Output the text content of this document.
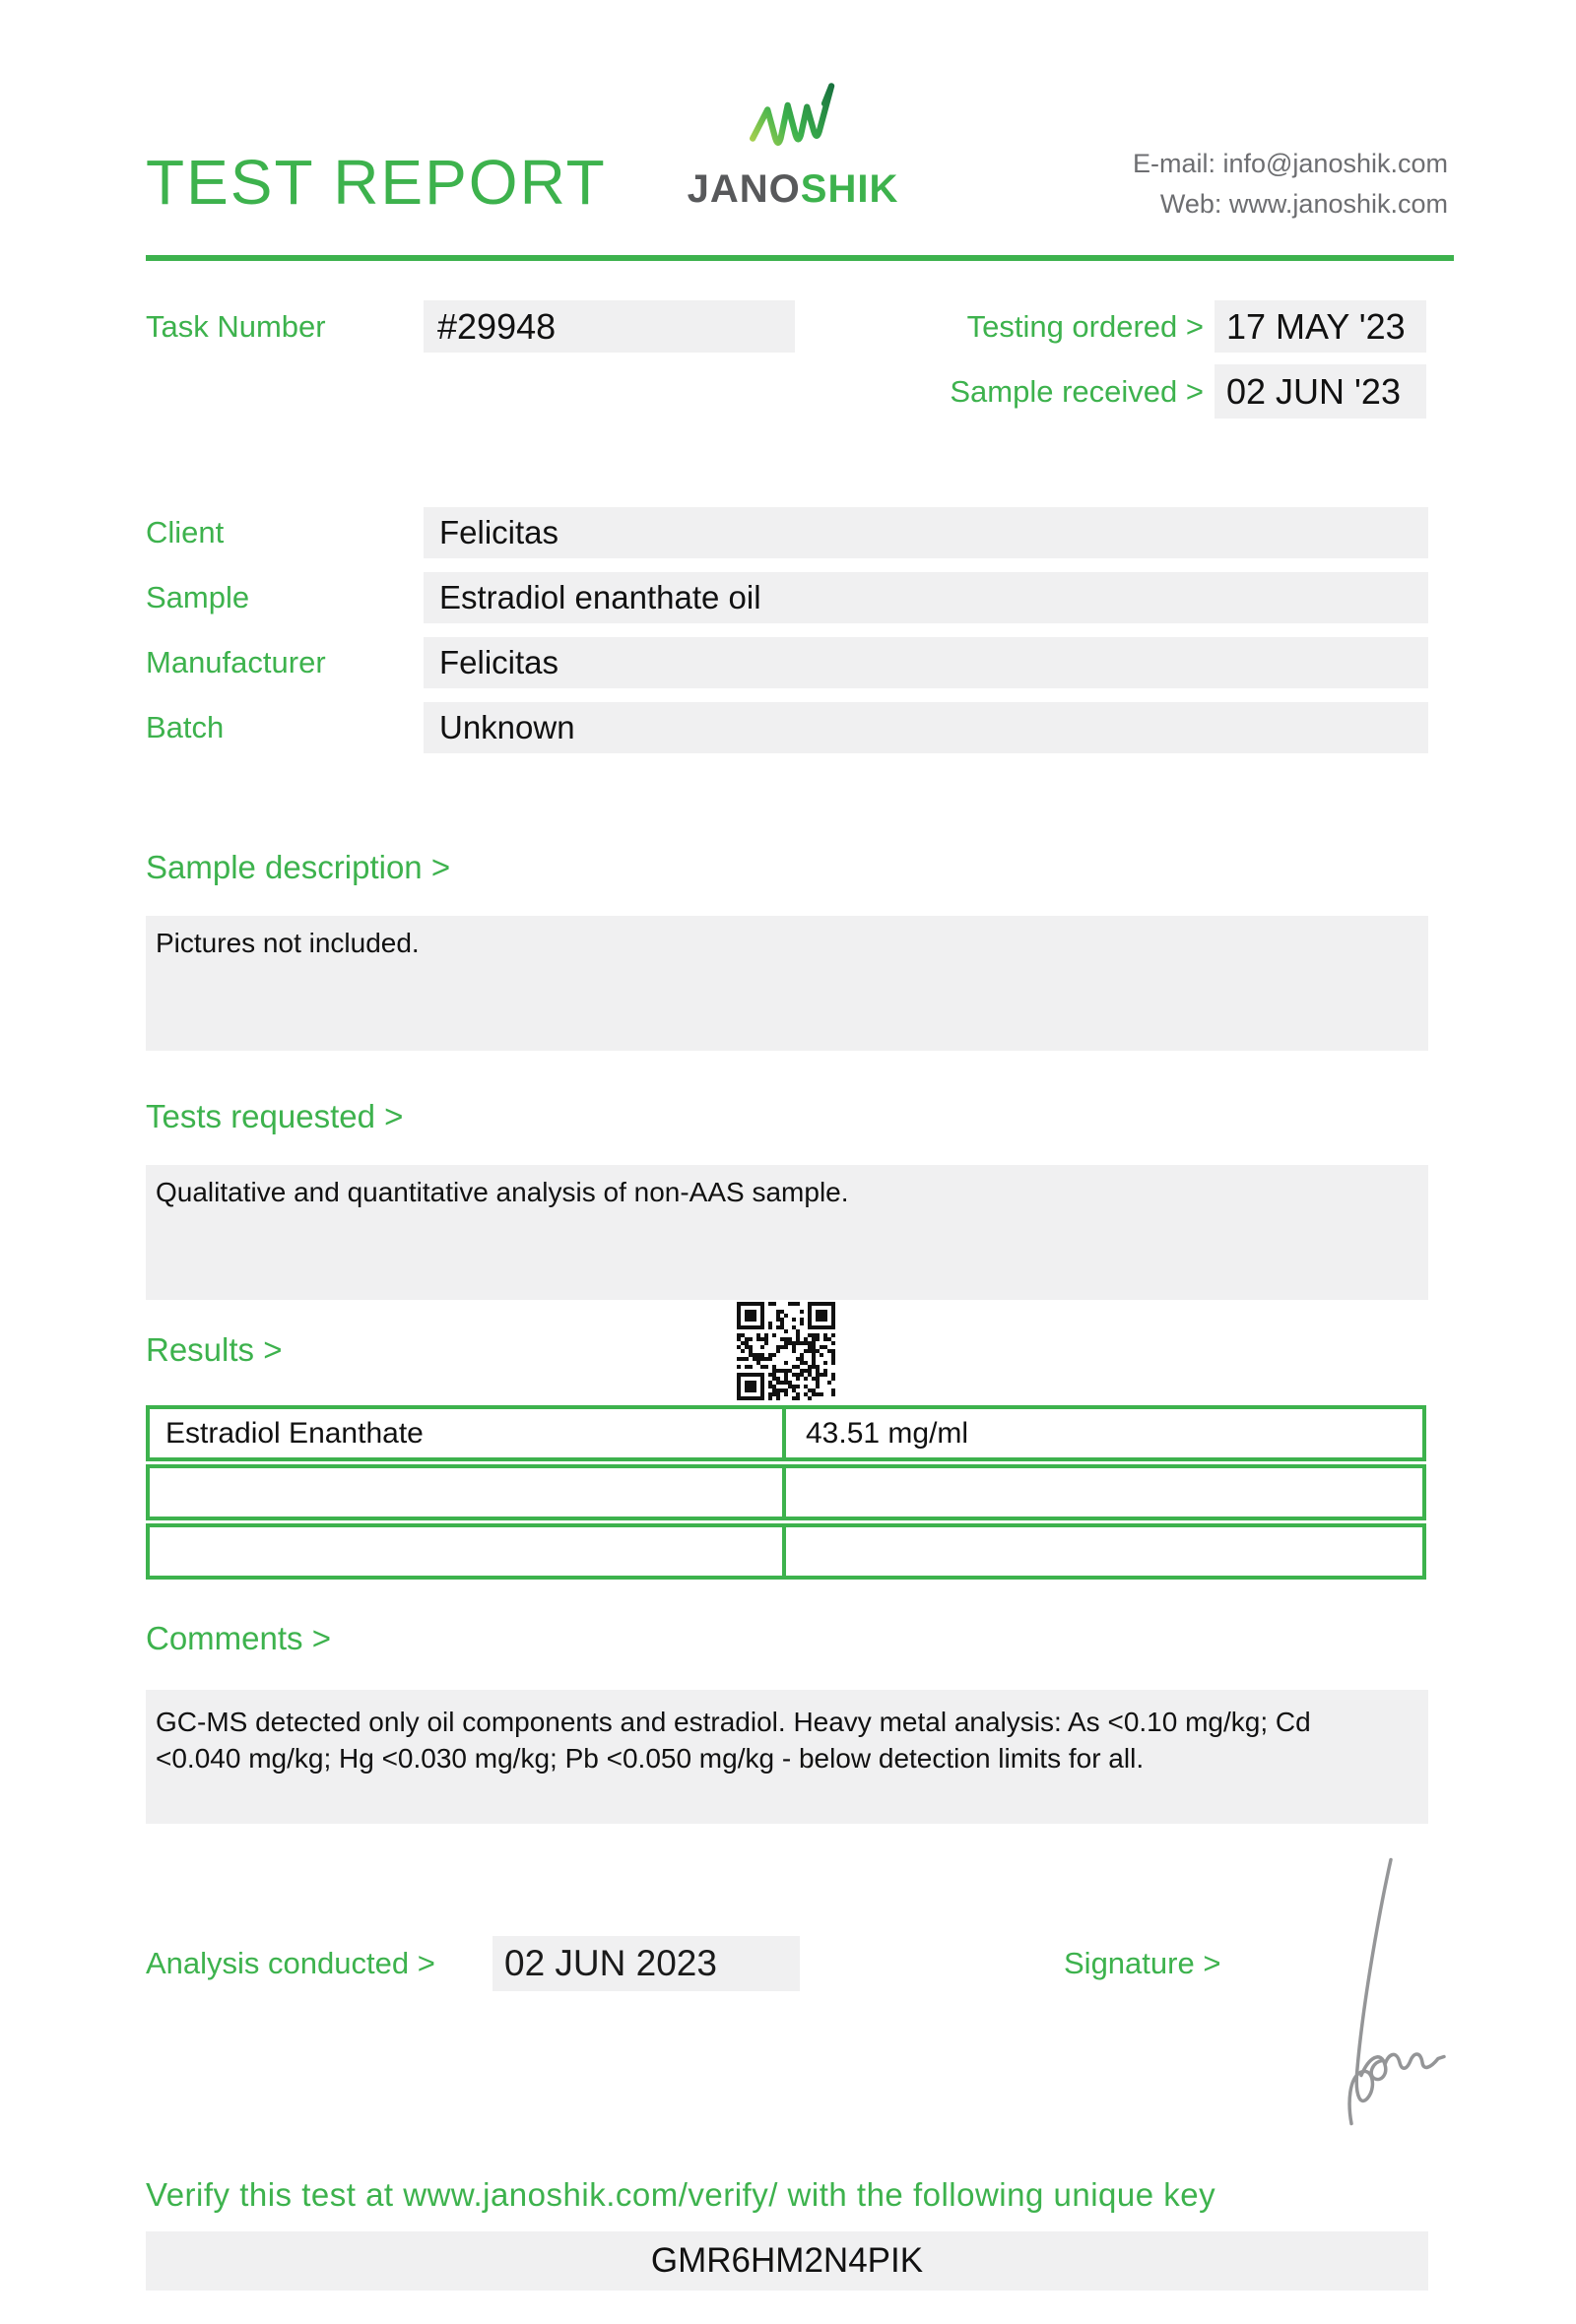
TEST REPORT JANOSHIK
E-mail: info@janoshik.com
Web: www.janoshik.com
Task Number	#29948	Testing ordered > 17 MAY '23
Sample received > 02 JUN '23
Client	Felicitas
Sample	Estradiol enanthate oil
Manufacturer	Felicitas
Batch	Unknown
Sample description >
Pictures not included.
Tests requested >
Qualitative and quantitative analysis of non-AAS sample.
Results >
Estradiol Enanthate	43.51 mg/ml
Comments >
GC-MS detected only oil components and estradiol. Heavy metal analysis: As <0.10 mg/kg; Cd
<0.040 mg/kg; Hg <0.030 mg/kg; Pb <0.050 mg/kg - below detection limits for all.
Analysis conducted >	02 JUN 2023	Signature >
Verify this test at www.janoshik.com/verify/ with the following unique key
GMR6HM2N4PIK
